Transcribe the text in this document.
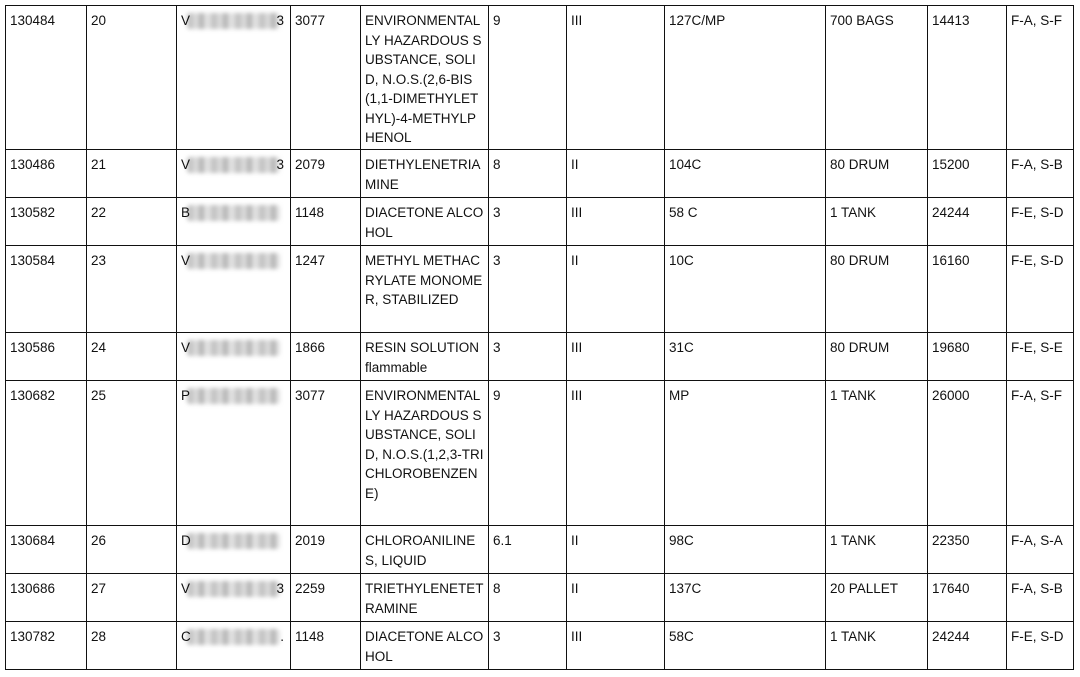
130484	20	V 3	3077	ENVIRONMENTALLY HAZARDOUS SUBSTANCE, SOLID, N.O.S.(2,6-BIS(1,1-DIMETHYLETHYL)-4-METHYLPHENOL	9	III	127C/MP	700 BAGS	14413	F-A, S-F
130486	21	V 3	2079	DIETHYLENETRIAMINE	8	II	104C	80 DRUM	15200	F-A, S-B
130582	22	B	1148	DIACETONE ALCOHOL	3	III	58 C	1 TANK	24244	F-E, S-D
130584	23	V	1247	METHYL METHACRYLATE MONOMER, STABILIZED	3	II	10C	80 DRUM	16160	F-E, S-D
130586	24	V	1866	RESIN SOLUTION flammable	3	III	31C	80 DRUM	19680	F-E, S-E
130682	25	P	3077	ENVIRONMENTALLY HAZARDOUS SUBSTANCE, SOLID, N.O.S.(1,2,3-TRICHLOROBENZENE)	9	III	MP	1 TANK	26000	F-A, S-F
130684	26	D	2019	CHLOROANILINES, LIQUID	6.1	II	98C	1 TANK	22350	F-A, S-A
130686	27	V 3	2259	TRIETHYLENETETRAMINE	8	II	137C	20 PALLET	17640	F-A, S-B
130782	28	C .	1148	DIACETONE ALCOHOL	3	III	58C	1 TANK	24244	F-E, S-D
